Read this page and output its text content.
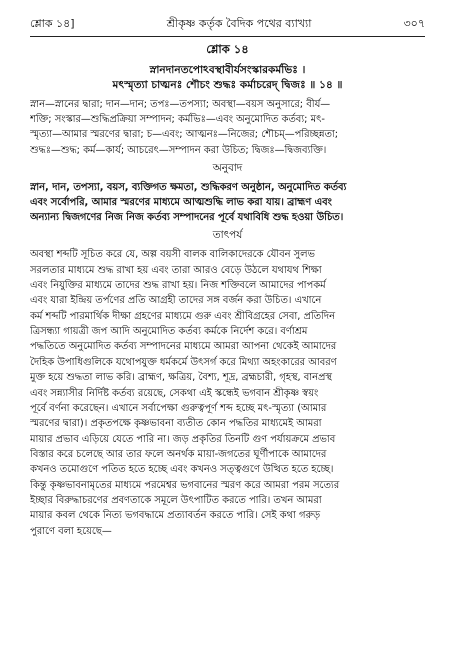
শ্লোক ১৪]	শ্রীকৃষ্ণ কর্তৃক বৈদিক পথের ব্যাখ্যা	৩০৭
শ্লোক ১৪
স্নানদানতপোঽবস্থাবীর্যসংস্কারকর্মভিঃ ।
মৎস্মৃত্যা চাত্মনঃ শৌচং শুদ্ধঃ কর্মাচরেদ্ দ্বিজঃ ॥ ১৪ ॥
স্নান—স্নানের দ্বারা; দান—দান; তপঃ—তপস্যা; অবস্থা—বয়স অনুসারে; বীর্য—
শক্তি; সংস্কার—শুদ্ধিপ্রক্রিয়া সম্পাদন; কর্মভিঃ—এবং অনুমোদিত কর্তব্য; মৎ-
স্মৃত্যা—আমার স্মরণের দ্বারা; চ—এবং; আত্মনঃ—নিজের; শৌচম্—পরিচ্ছন্নতা;
শুদ্ধঃ—শুদ্ধ; কর্ম—কার্য; আচরেৎ—সম্পাদন করা উচিত; দ্বিজঃ—দ্বিজব্যক্তি।
অনুবাদ
স্নান, দান, তপস্যা, বয়স, ব্যক্তিগত ক্ষমতা, শুদ্ধিকরণ অনুষ্ঠান, অনুমোদিত কর্তব্য
এবং সর্বোপরি, আমার স্মরণের মাধ্যমে আত্মশুদ্ধি লাভ করা যায়। ব্রাহ্মণ এবং
অন্যান্য দ্বিজগণের নিজ নিজ কর্তব্য সম্পাদনের পূর্বে যথাবিধি শুদ্ধ হওয়া উচিত।
তাৎপর্য
অবস্থা শব্দটি সূচিত করে যে, অল্প বয়সী বালক বালিকাদেরকে যৌবন সুলভ
সরলতার মাধ্যমে শুদ্ধ রাখা হয় এবং তারা আরও বেড়ে উঠলে যথাযথ শিক্ষা
এবং নিযুক্তির মাধ্যমে তাদের শুদ্ধ রাখা হয়। নিজ শক্তিবলে আমাদের পাপকর্ম
এবং যারা ইন্দ্রিয় তর্পণের প্রতি আগ্রহী তাদের সঙ্গ বর্জন করা উচিত। এখানে
কর্ম শব্দটি পারমার্থিক দীক্ষা গ্রহণের মাধ্যমে গুরু এবং শ্রীবিগ্রহের সেবা, প্রতিদিন
ত্রিসন্ধ্যা গায়ত্রী জপ আদি অনুমোদিত কর্তব্য কর্মকে নির্দেশ করে। বর্ণাশ্রম
পদ্ধতিতে অনুমোদিত কর্তব্য সম্পাদনের মাধ্যমে আমরা আপনা থেকেই আমাদের
দৈহিক উপাধিগুলিকে যথোপযুক্ত ধর্মকর্মে উৎসর্গ করে মিথ্যা অহংকারের আবরণ
মুক্ত হয়ে শুদ্ধতা লাভ করি। ব্রাহ্মণ, ক্ষত্রিয়, বৈশ্য, শূদ্র, ব্রহ্মচারী, গৃহস্থ, বানপ্রস্থ
এবং সন্ন্যাসীর নির্দিষ্ট কর্তব্য রয়েছে, সেকথা এই স্কন্ধেই ভগবান শ্রীকৃষ্ণ স্বয়ং
পূর্বে বর্ণনা করেছেন। এখানে সর্বাপেক্ষা গুরুত্বপূর্ণ শব্দ হচ্ছে মৎ-স্মৃত্যা (আমার
স্মরণের দ্বারা)। প্রকৃতপক্ষে কৃষ্ণভাবনা ব্যতীত কোন পদ্ধতির মাধ্যমেই আমরা
মায়ার প্রভাব এড়িয়ে যেতে পারি না। জড় প্রকৃতির তিনটি গুণ পর্যায়ক্রমে প্রভাব
বিস্তার করে চলেছে আর তার ফলে অনর্থক মায়া-জগতের ঘূর্ণীপাকে আমাদের
কখনও তমোগুণে পতিত হতে হচ্ছে এবং কখনও সত্ত্বগুণে উত্থিত হতে হচ্ছে।
কিন্তু কৃষ্ণভাবনামৃতের মাধ্যমে পরমেশ্বর ভগবানের স্মরণ করে আমরা পরম সত্যের
ইচ্ছার বিরুদ্ধাচরণের প্রবণতাকে সমূলে উৎপাটিত করতে পারি। তখন আমরা
মায়ার কবল থেকে নিত্য ভগবদ্ধামে প্রত্যাবর্তন করতে পারি। সেই কথা গরুড়
পুরাণে বলা হয়েছে—
